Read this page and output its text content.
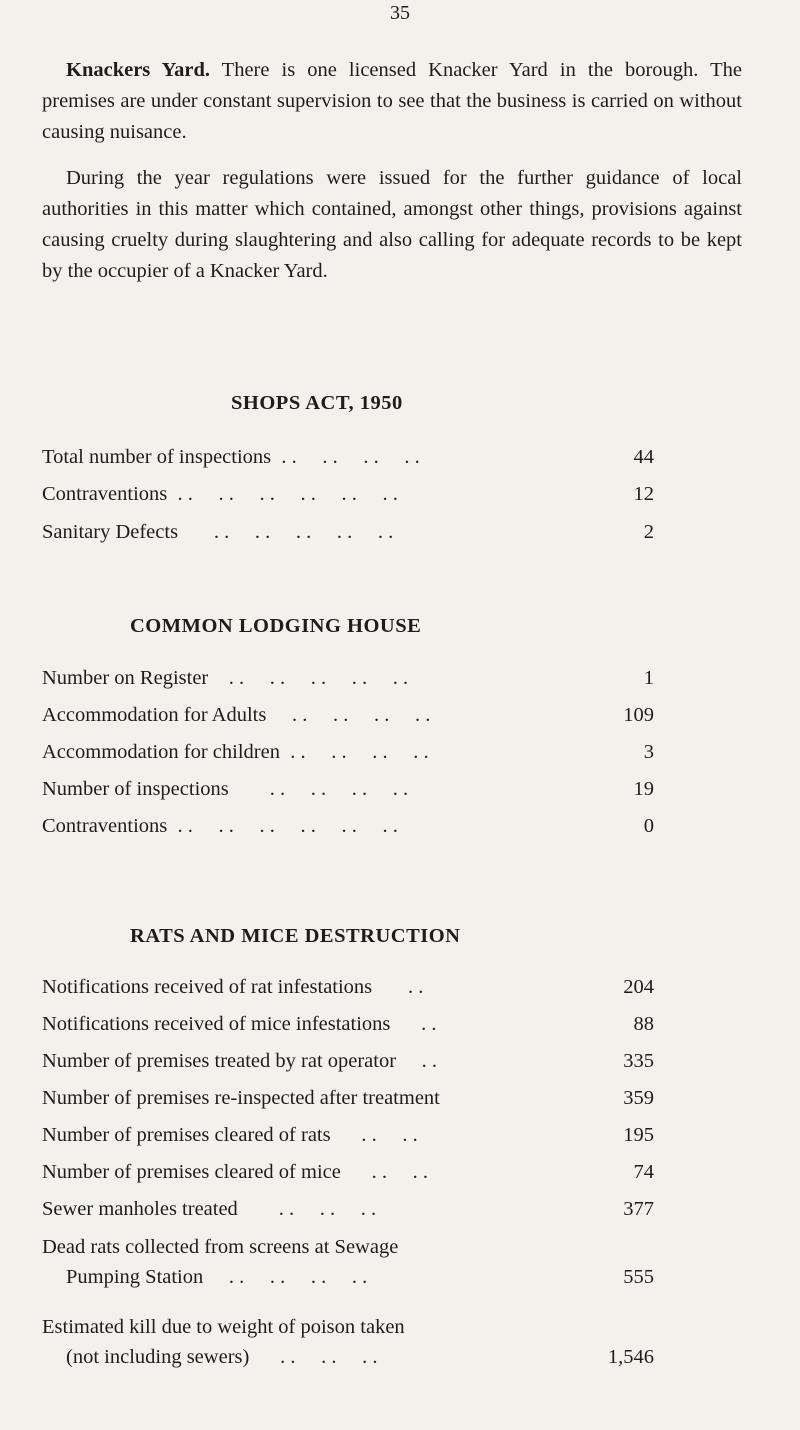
35

Knackers Yard. There is one licensed Knacker Yard in the borough. The premises are under constant supervision to see that the business is carried on without causing nuisance.

During the year regulations were issued for the further guidance of local authorities in this matter which contained, amongst other things, provisions against causing cruelty during slaughtering and also calling for adequate records to be kept by the occupier of a Knacker Yard.

SHOPS ACT, 1950
Total number of inspections  . .     . .     . .     . .	44
Contraventions  . .     . .     . .     . .     . .     . .	12
Sanitary Defects       . .     . .     . .     . .     . .	2
COMMON LODGING HOUSE
Number on Register    . .     . .     . .     . .     . .	1
Accommodation for Adults     . .     . .     . .     . .	109
Accommodation for children  . .     . .     . .     . .	3
Number of inspections        . .     . .     . .     . .	19
Contraventions  . .     . .     . .     . .     . .     . .	0
RATS AND MICE DESTRUCTION
Notifications received of rat infestations       . .	204
Notifications received of mice infestations      . .	88
Number of premises treated by rat operator     . .	335
Number of premises re-inspected after treatment	359
Number of premises cleared of rats      . .     . .	195
Number of premises cleared of mice      . .     . .	74
Sewer manholes treated        . .     . .     . .	377
Dead rats collected from screens at Sewage
Pumping Station     . .     . .     . .     . .	555
Estimated kill due to weight of poison taken
(not including sewers)      . .     . .     . .	1,546
